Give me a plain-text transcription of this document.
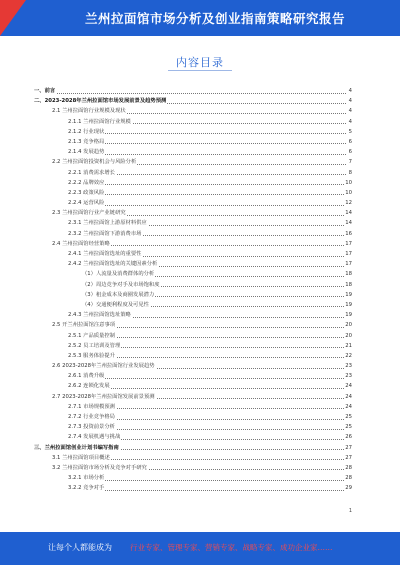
兰州拉面馆市场分析及创业指南策略研究报告
内容目录
一、前言	4
二、2023-2028年兰州拉面馆市场发展前景及趋势预测	4
2.1 兰州拉面馆行业规模及现状	4
2.1.1 兰州拉面馆行业规模	4
2.1.2 行业现状	5
2.1.3 竞争格局	6
2.1.4 发展趋势	6
2.2 兰州拉面馆投资机会与风险分析	7
2.2.1 消费需求增长	8
2.2.2 品牌效应	10
2.2.3 政策风险	10
2.2.4 运营风险	12
2.3 兰州拉面馆行业产业链研究	14
2.3.1 兰州拉面馆上游原材料供应	14
2.3.2 兰州拉面馆下游消费市场	16
2.4 兰州拉面馆经营策略	17
2.4.1 兰州拉面馆选址的重要性	17
2.4.2 兰州拉面馆选址的关键因素分析	17
（1）人流量及消费群体的分析	18
（2）周边竞争对手及市场饱和度	18
（3）租金成本及商圈发展潜力	19
（4）交通便利程度及可见性	19
2.4.3 兰州拉面馆选址策略	19
2.5 开兰州拉面馆注意事项	20
2.5.1 产品质量控制	20
2.5.2 员工培训及管理	21
2.5.3 服务体验提升	22
2.6 2023-2028年兰州拉面馆行业发展趋势	23
2.6.1 消费升级	23
2.6.2 连锁化发展	24
2.7 2023-2028年兰州拉面馆发展前景预测	24
2.7.1 市场规模预测	24
2.7.2 行业竞争格局	25
2.7.3 投资前景分析	25
2.7.4 发展机遇与挑战	26
三、兰州拉面馆创业计划书编写指南	27
3.1 兰州拉面馆项目概述	27
3.2 兰州拉面馆市场分析及竞争对手研究	28
3.2.1 市场分析	28
3.2.2 竞争对手	29
1
让每个人都能成为 行业专家、管理专家、营销专家、战略专家、成功企业家……
